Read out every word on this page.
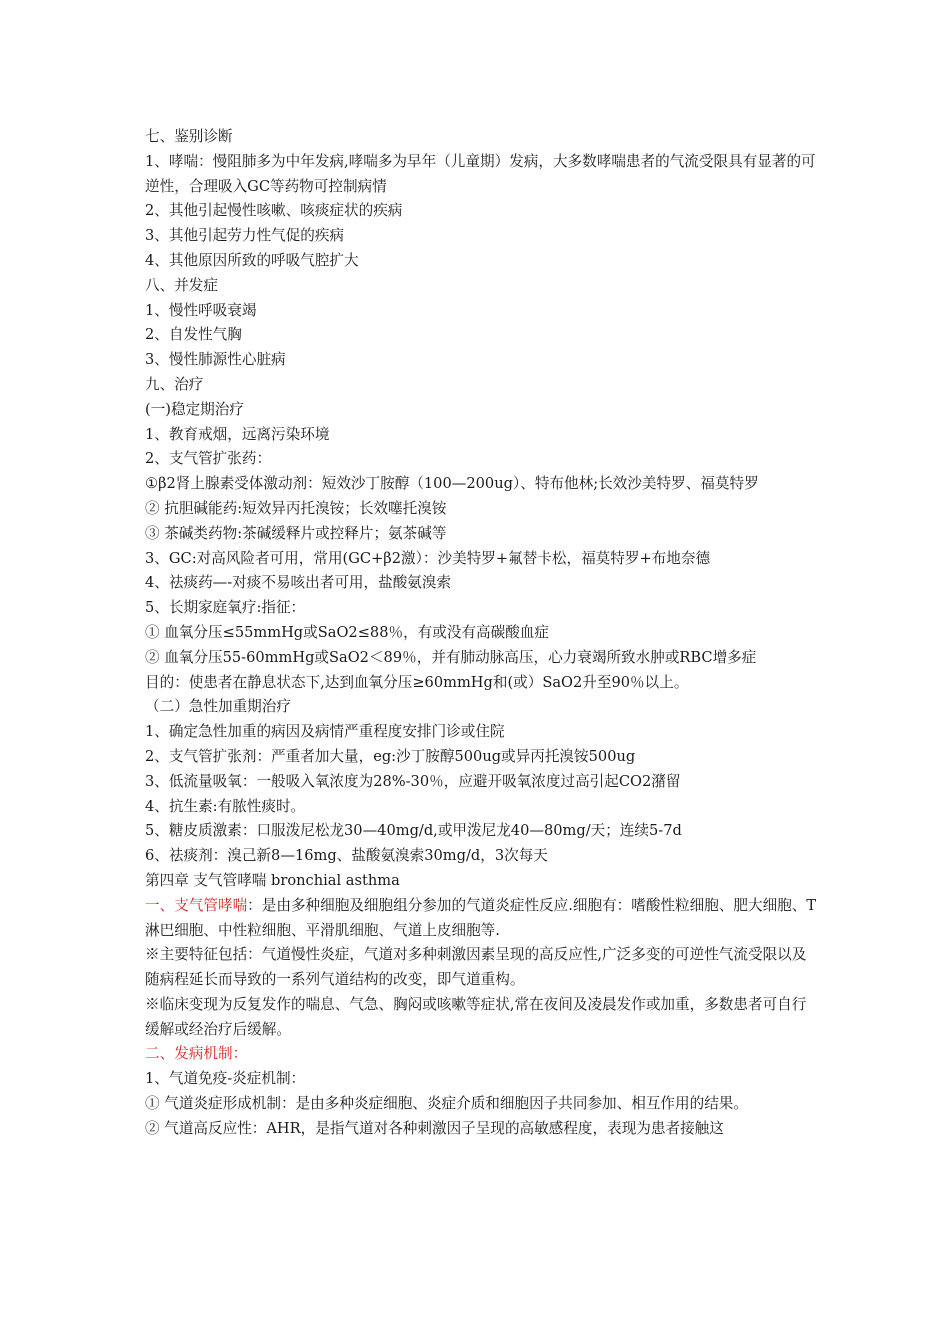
七、鉴别诊断

1、哮喘：慢阻肺多为中年发病,哮喘多为早年（儿童期）发病，大多数哮喘患者的气流受限具有显著的可逆性，合理吸入GC等药物可控制病情

2、其他引起慢性咳嗽、咳痰症状的疾病

3、其他引起劳力性气促的疾病

4、其他原因所致的呼吸气腔扩大

八、并发症

1、慢性呼吸衰竭

2、自发性气胸

3、慢性肺源性心脏病

九、治疗

(一)稳定期治疗

1、教育戒烟，远离污染环境

2、支气管扩张药：

①β2肾上腺素受体激动剂：短效沙丁胺醇（100—200ug）、特布他林;长效沙美特罗、福莫特罗

② 抗胆碱能药:短效异丙托溴铵；长效噻托溴铵

③ 茶碱类药物:茶碱缓释片或控释片；氨茶碱等

3、GC:对高风险者可用，常用(GC+β2激）：沙美特罗+氟替卡松，福莫特罗+布地奈德

4、祛痰药—-对痰不易咳出者可用，盐酸氨溴索

5、长期家庭氧疗:指征：

① 血氧分压≤55mmHg或SaO2≤88％，有或没有高碳酸血症

② 血氧分压55-60mmHg或SaO2＜89％，并有肺动脉高压，心力衰竭所致水肿或RBC增多症

目的：使患者在静息状态下,达到血氧分压≥60mmHg和(或）SaO2升至90％以上。

（二）急性加重期治疗

1、确定急性加重的病因及病情严重程度安排门诊或住院

2、支气管扩张剂：严重者加大量，eg:沙丁胺醇500ug或异丙托溴铵500ug

3、低流量吸氧：一般吸入氧浓度为28%-30％，应避开吸氧浓度过高引起CO2潴留

4、抗生素:有脓性痰时。

5、糖皮质激素：口服泼尼松龙30—40mg/d,或甲泼尼龙40—80mg/天；连续5-7d

6、祛痰剂：溴己新8—16mg、盐酸氨溴索30mg/d，3次每天

第四章 支气管哮喘 bronchial asthma

一、支气管哮喘：是由多种细胞及细胞组分参加的气道炎症性反应.细胞有：嗜酸性粒细胞、肥大细胞、T淋巴细胞、中性粒细胞、平滑肌细胞、气道上皮细胞等.

※主要特征包括：气道慢性炎症，气道对多种刺激因素呈现的高反应性,广泛多变的可逆性气流受限以及随病程延长而导致的一系列气道结构的改变，即气道重构。

※临床变现为反复发作的喘息、气急、胸闷或咳嗽等症状,常在夜间及凌晨发作或加重，多数患者可自行缓解或经治疗后缓解。

二、发病机制：

1、气道免疫-炎症机制：

① 气道炎症形成机制：是由多种炎症细胞、炎症介质和细胞因子共同参加、相互作用的结果。

② 气道高反应性：AHR，是指气道对各种刺激因子呈现的高敏感程度，表现为患者接触这
